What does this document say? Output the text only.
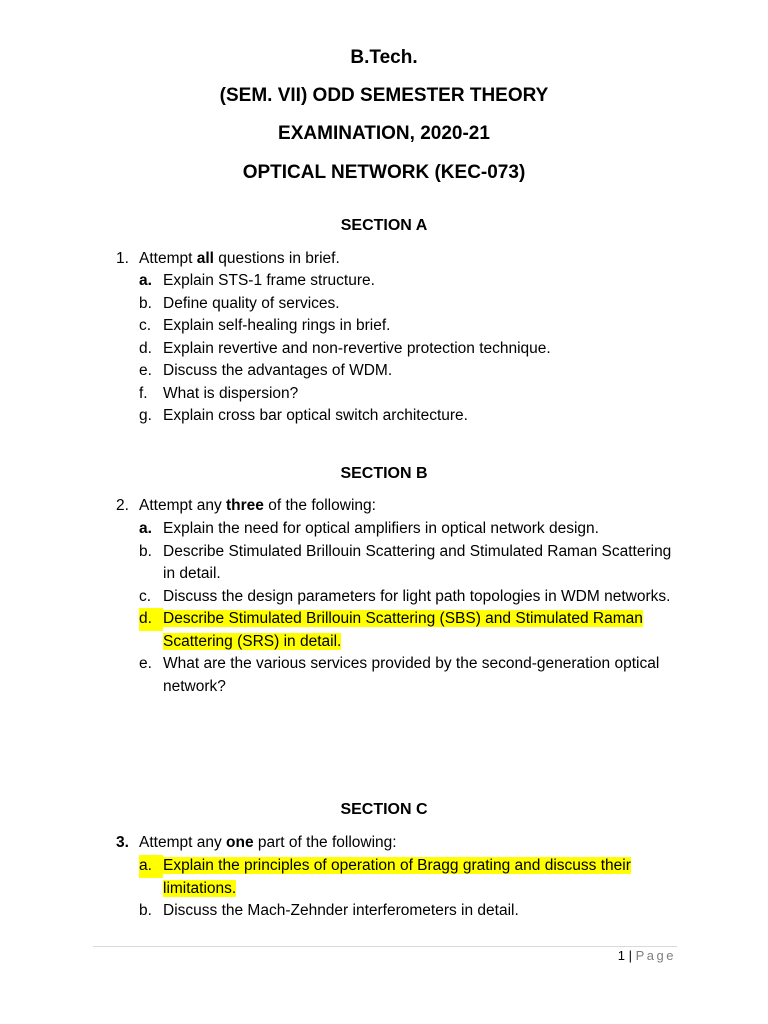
B.Tech.
(SEM. VII) ODD SEMESTER THEORY
EXAMINATION, 2020-21
OPTICAL NETWORK (KEC-073)
SECTION A
1. Attempt all questions in brief.
a. Explain STS-1 frame structure.
b. Define quality of services.
c. Explain self-healing rings in brief.
d. Explain revertive and non-revertive protection technique.
e. Discuss the advantages of WDM.
f. What is dispersion?
g. Explain cross bar optical switch architecture.
SECTION B
2. Attempt any three of the following:
a. Explain the need for optical amplifiers in optical network design.
b. Describe Stimulated Brillouin Scattering and Stimulated Raman Scattering in detail.
c. Discuss the design parameters for light path topologies in WDM networks.
d. Describe Stimulated Brillouin Scattering (SBS) and Stimulated Raman Scattering (SRS) in detail.
e. What are the various services provided by the second-generation optical network?
SECTION C
3. Attempt any one part of the following:
a. Explain the principles of operation of Bragg grating and discuss their limitations.
b. Discuss the Mach-Zehnder interferometers in detail.
1 | Page
